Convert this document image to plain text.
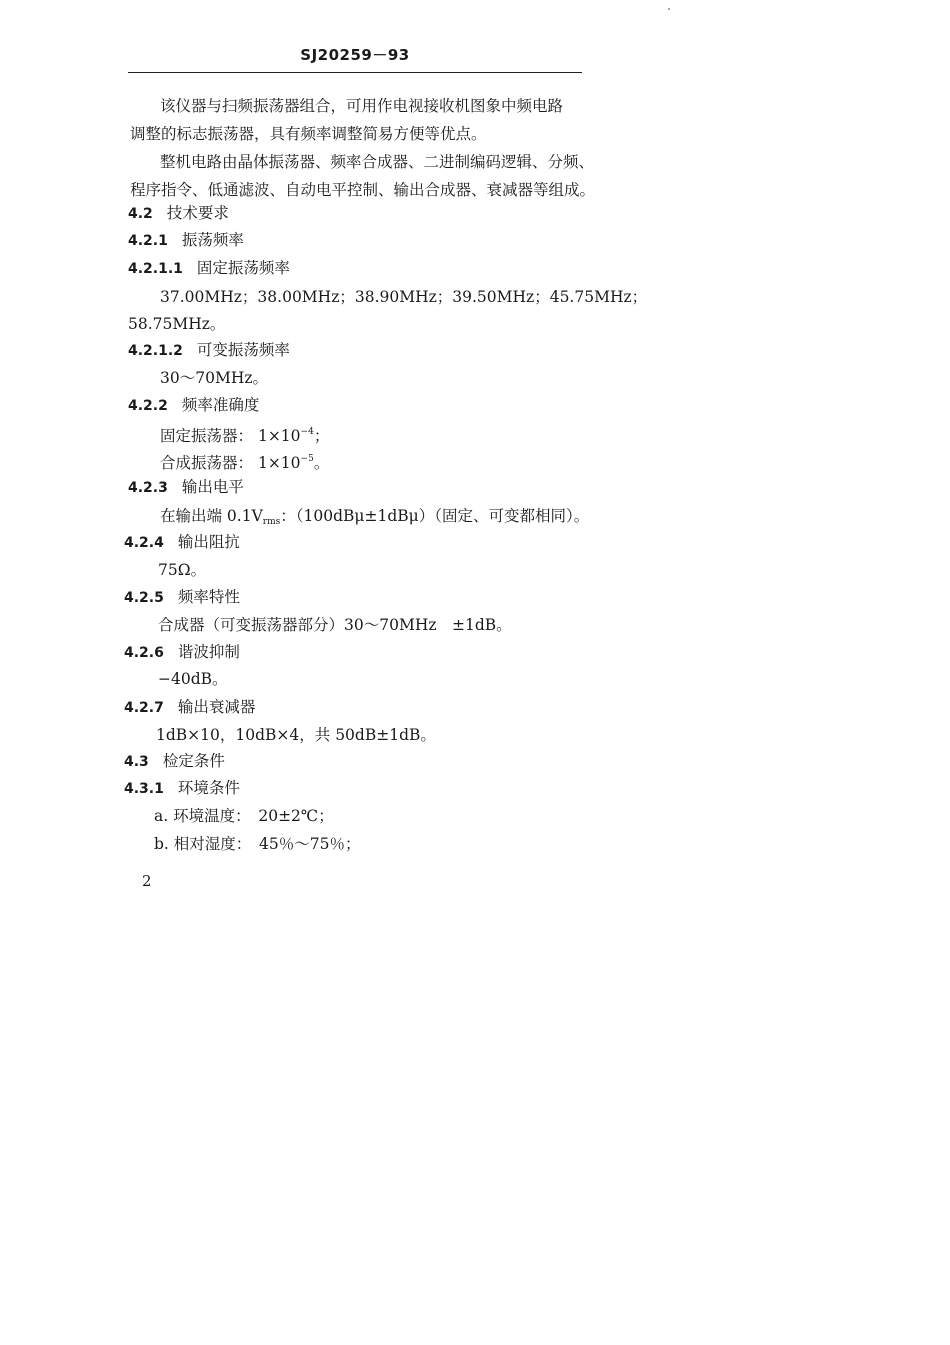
SJ20259－93
该仪器与扫频振荡器组合，可用作电视接收机图象中频电路
调整的标志振荡器，具有频率调整简易方便等优点。
整机电路由晶体振荡器、频率合成器、二进制编码逻辑、分频、
程序指令、低通滤波、自动电平控制、输出合成器、衰减器等组成。
4.2 技术要求
4.2.1 振荡频率
4.2.1.1 固定振荡频率
37.00MHz；38.00MHz；38.90MHz；39.50MHz；45.75MHz；
58.75MHz。
4.2.1.2 可变振荡频率
30～70MHz。
4.2.2 频率准确度
固定振荡器： $1\times 10^{-4}$；
合成振荡器： $1\times 10^{-5}$。
4.2.3 输出电平
在输出端 $0.1V_{rms}$：（100dBμ±1dBμ）（固定、可变都相同）。
4.2.4 输出阻抗
75Ω。
4.2.5 频率特性
合成器（可变振荡器部分）30～70MHz　±1dB。
4.2.6 谐波抑制
−40dB。
4.2.7 输出衰减器
1dB×10，10dB×4，共 50dB±1dB。
4.3 检定条件
4.3.1 环境条件
a. 环境温度：　20±2℃；
b. 相对湿度：　45％～75％；
2
